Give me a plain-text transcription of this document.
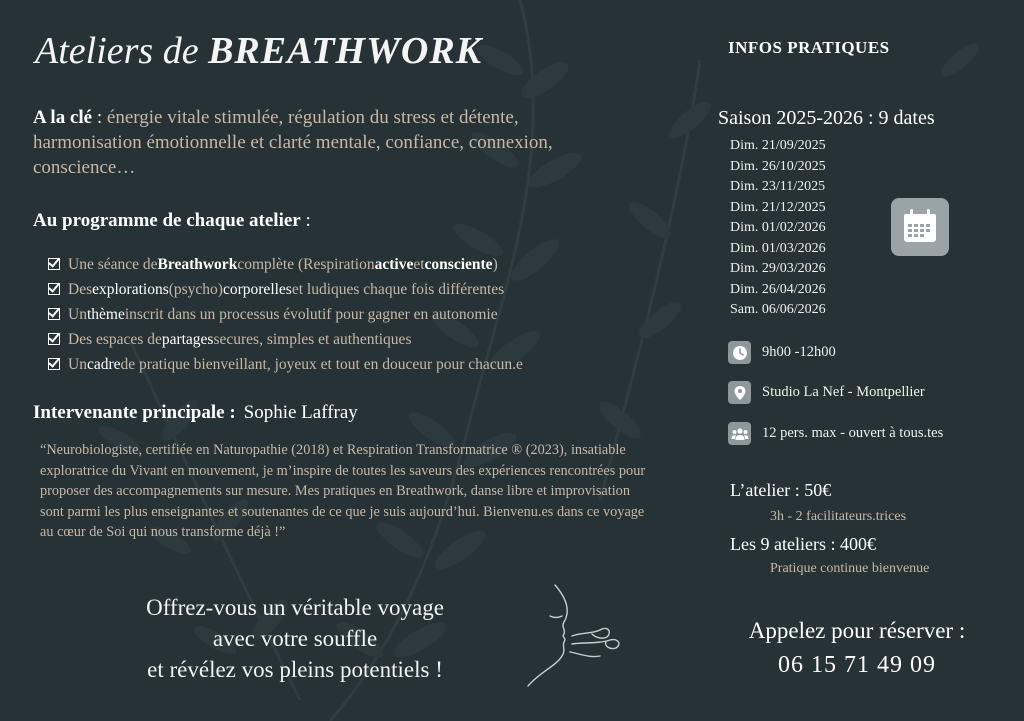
Ateliers de BREATHWORK
A la clé : énergie vitale stimulée, régulation du stress et détente, harmonisation émotionnelle et clarté mentale, confiance, connexion, conscience…
Au programme de chaque atelier :
Une séance de Breathwork complète (Respiration active et consciente )
Des explorations (psycho) corporelles et ludiques chaque fois différentes
Un thème inscrit dans un processus évolutif pour gagner en autonomie
Des espaces de partages secures, simples et authentiques
Un cadre de pratique bienveillant, joyeux et tout en douceur pour chacun.e
Intervenante principale : Sophie Laffray
“Neurobiologiste, certifiée en Naturopathie (2018) et Respiration Transformatrice ® (2023), insatiable exploratrice du Vivant en mouvement, je m’inspire de toutes les saveurs des expériences rencontrées pour proposer des accompagnements sur mesure. Mes pratiques en Breathwork, danse libre et improvisation sont parmi les plus enseignantes et soutenantes de ce que je suis aujourd’hui. Bienvenu.es dans ce voyage au cœur de Soi qui nous transforme déjà !”
Offrez-vous un véritable voyage
avec votre souffle
et révélez vos pleins potentiels !
INFOS PRATIQUES
Saison 2025-2026 : 9 dates
Dim. 21/09/2025
Dim. 26/10/2025
Dim. 23/11/2025
Dim. 21/12/2025
Dim. 01/02/2026
Dim. 01/03/2026
Dim. 29/03/2026
Dim. 26/04/2026
Sam. 06/06/2026
9h00 -12h00
Studio La Nef - Montpellier
12 pers. max - ouvert à tous.tes
L’atelier : 50€
3h - 2 facilitateurs.trices
Les 9 ateliers : 400€
Pratique continue bienvenue
Appelez pour réserver :
06 15 71 49 09
